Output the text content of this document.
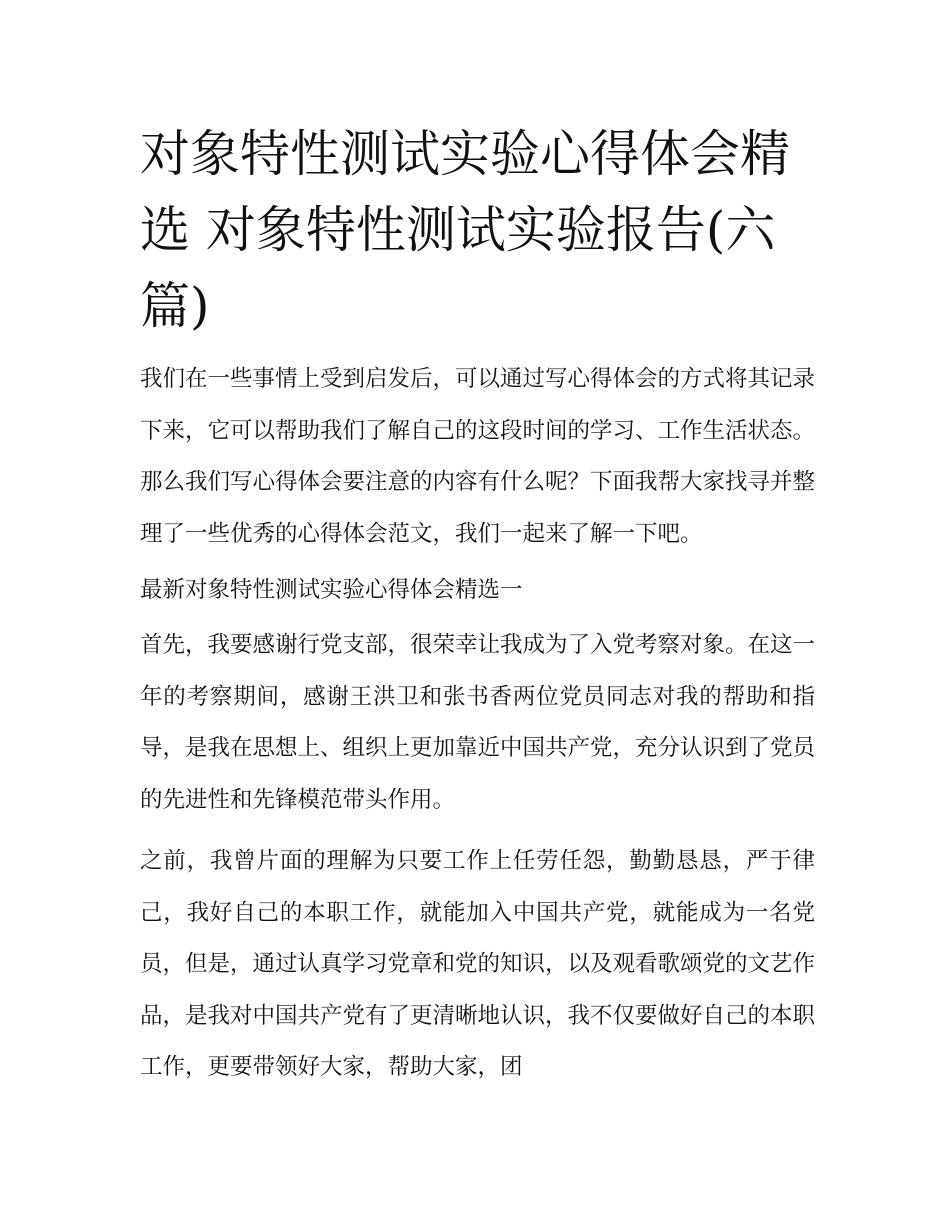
对象特性测试实验心得体会精选 对象特性测试实验报告(六篇)

我们在一些事情上受到启发后，可以通过写心得体会的方式将其记录下来，它可以帮助我们了解自己的这段时间的学习、工作生活状态。那么我们写心得体会要注意的内容有什么呢？下面我帮大家找寻并整理了一些优秀的心得体会范文，我们一起来了解一下吧。

最新对象特性测试实验心得体会精选一

首先，我要感谢行党支部，很荣幸让我成为了入党考察对象。在这一年的考察期间，感谢王洪卫和张书香两位党员同志对我的帮助和指导，是我在思想上、组织上更加靠近中国共产党，充分认识到了党员的先进性和先锋模范带头作用。

之前，我曾片面的理解为只要工作上任劳任怨，勤勤恳恳，严于律己，我好自己的本职工作，就能加入中国共产党，就能成为一名党员，但是，通过认真学习党章和党的知识，以及观看歌颂党的文艺作品，是我对中国共产党有了更清晰地认识，我不仅要做好自己的本职工作，更要带领好大家，帮助大家，团
